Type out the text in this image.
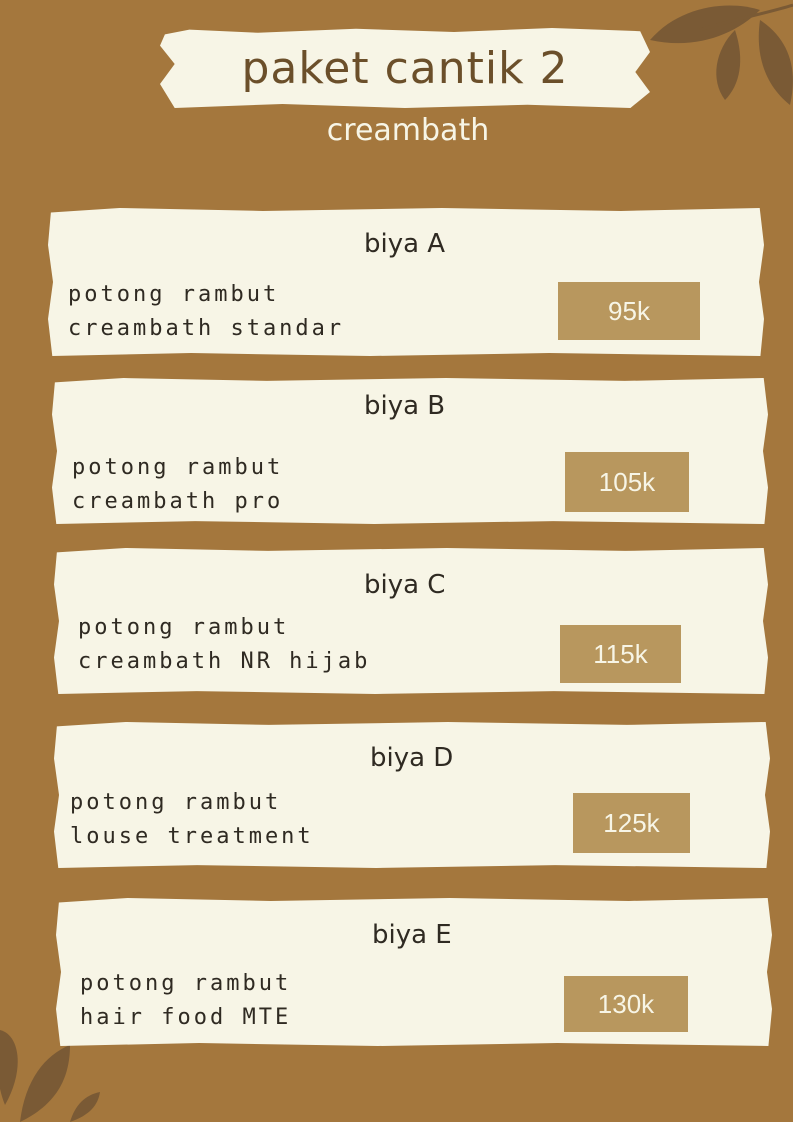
paket cantik 2
creambath
biya A
potong rambut
creambath standar
95k
biya B
potong rambut
creambath pro
105k
biya C
potong rambut
creambath NR hijab	115k
biya D
potong rambut
louse treatment	125k
biya E
potong rambut
hair food MTE	130k
